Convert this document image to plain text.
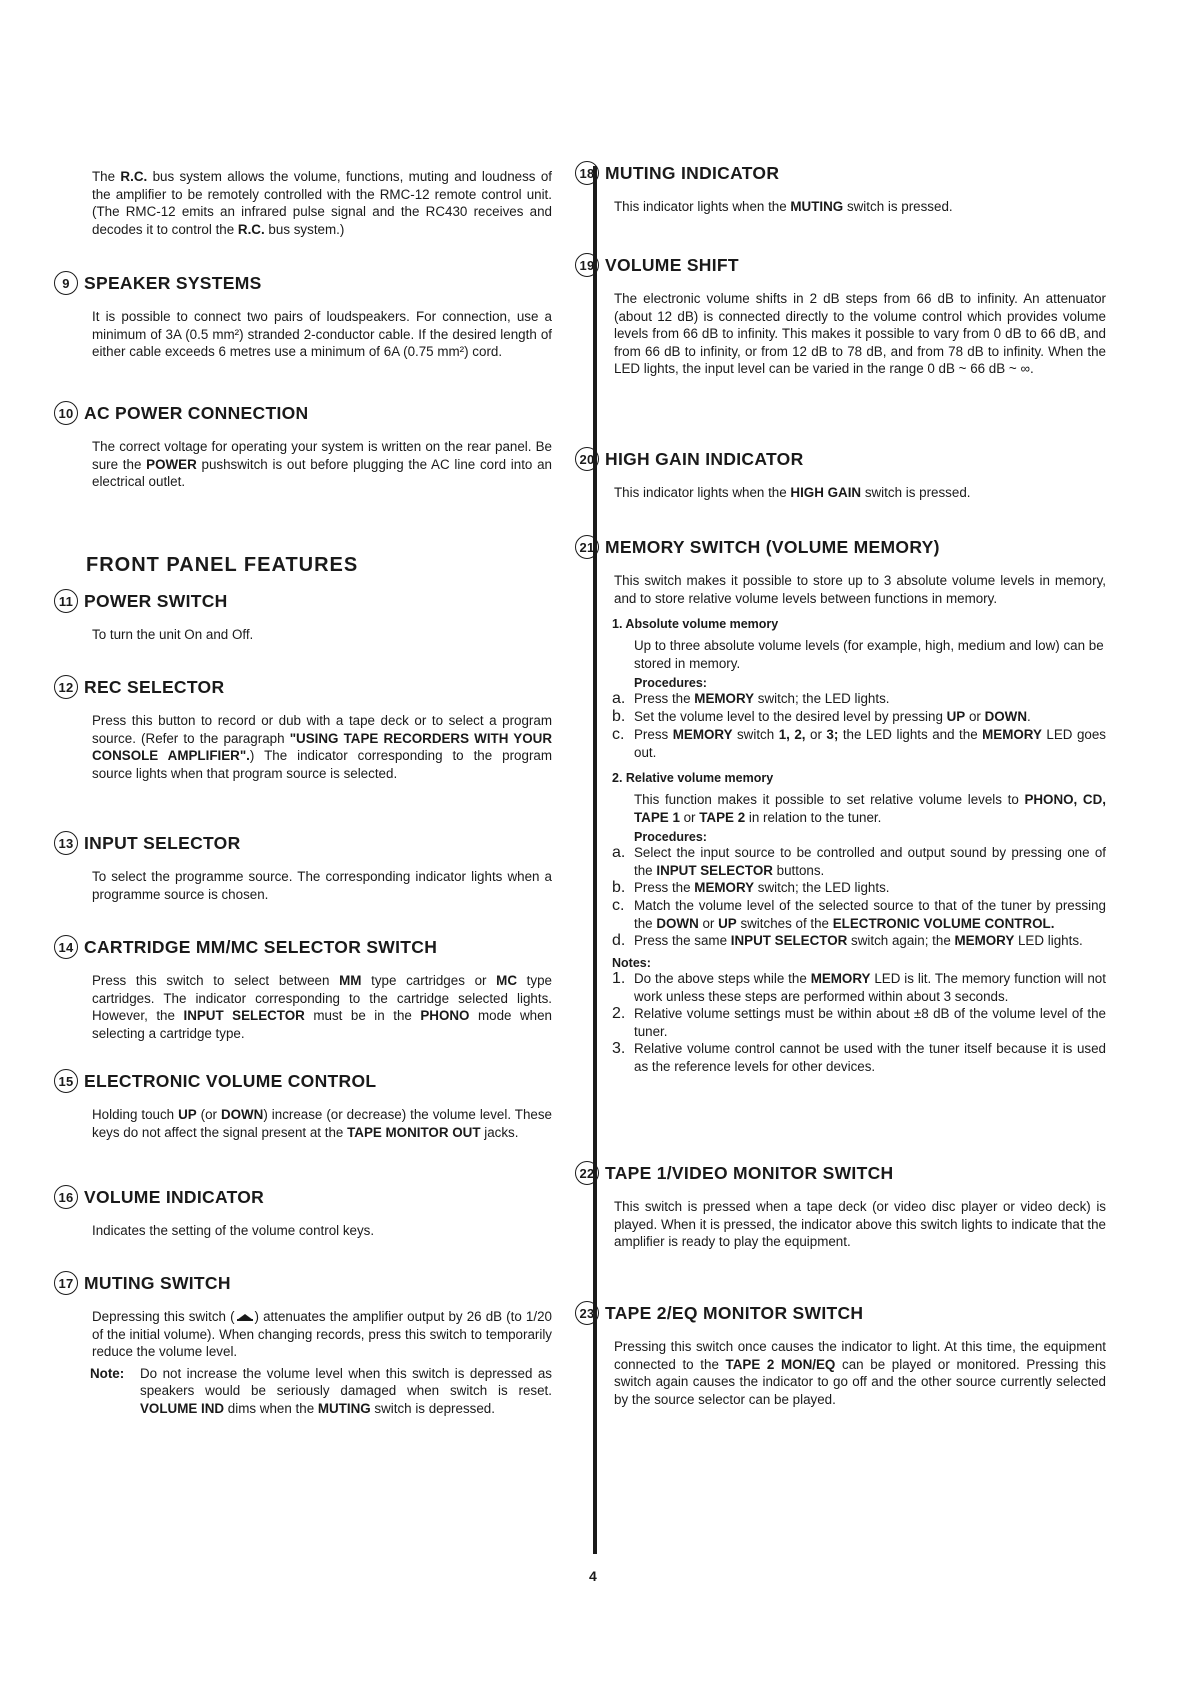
The R.C. bus system allows the volume, functions, muting and loudness of the amplifier to be remotely controlled with the RMC-12 remote control unit. (The RMC-12 emits an infrared pulse signal and the RC430 receives and decodes it to control the R.C. bus system.)

9 SPEAKER SYSTEMS

It is possible to connect two pairs of loudspeakers. For connection, use a minimum of 3A (0.5 mm²) stranded 2-conductor cable. If the desired length of either cable exceeds 6 metres use a minimum of 6A (0.75 mm²) cord.

10 AC POWER CONNECTION

The correct voltage for operating your system is written on the rear panel. Be sure the POWER pushswitch is out before plugging the AC line cord into an electrical outlet.

FRONT PANEL FEATURES
11 POWER SWITCH

To turn the unit On and Off.

12 REC SELECTOR

Press this button to record or dub with a tape deck or to select a program source. (Refer to the paragraph "USING TAPE RECORDERS WITH YOUR CONSOLE AMPLIFIER".) The indicator corresponding to the program source lights when that program source is selected.

13 INPUT SELECTOR

To select the programme source. The corresponding indicator lights when a programme source is chosen.

14 CARTRIDGE MM/MC SELECTOR SWITCH

Press this switch to select between MM type cartridges or MC type cartridges. The indicator corresponding to the cartridge selected lights. However, the INPUT SELECTOR must be in the PHONO mode when selecting a cartridge type.

15 ELECTRONIC VOLUME CONTROL

Holding touch UP (or DOWN) increase (or decrease) the volume level. These keys do not affect the signal present at the TAPE MONITOR OUT jacks.

16 VOLUME INDICATOR

Indicates the setting of the volume control keys.

17 MUTING SWITCH

Depressing this switch ( ) attenuates the amplifier output by 26 dB (to 1/20 of the initial volume). When changing records, press this switch to temporarily reduce the volume level.

Note:	Do not increase the volume level when this switch is depressed as speakers would be seriously damaged when switch is reset. VOLUME IND dims when the MUTING switch is depressed.

18 MUTING INDICATOR

This indicator lights when the MUTING switch is pressed.

19 VOLUME SHIFT

The electronic volume shifts in 2 dB steps from 66 dB to infinity. An attenuator (about 12 dB) is connected directly to the volume control which provides volume levels from 66 dB to infinity. This makes it possible to vary from 0 dB to 66 dB, and from 66 dB to infinity, or from 12 dB to 78 dB, and from 78 dB to infinity. When the LED lights, the input level can be varied in the range 0 dB ~ 66 dB ~ ∞.

20 HIGH GAIN INDICATOR

This indicator lights when the HIGH GAIN switch is pressed.

21 MEMORY SWITCH (VOLUME MEMORY)

This switch makes it possible to store up to 3 absolute volume levels in memory, and to store relative volume levels between functions in memory.

1. Absolute volume memory

Up to three absolute volume levels (for example, high, medium and low) can be stored in memory.

Procedures:
a. Press the MEMORY switch; the LED lights.

b. Set the volume level to the desired level by pressing UP or DOWN.

c. Press MEMORY switch 1, 2, or 3; the LED lights and the MEMORY LED goes out.

2. Relative volume memory

This function makes it possible to set relative volume levels to PHONO, CD, TAPE 1 or TAPE 2 in relation to the tuner.

Procedures:
a. Select the input source to be controlled and output sound by pressing one of the INPUT SELECTOR buttons.

b. Press the MEMORY switch; the LED lights.

c. Match the volume level of the selected source to that of the tuner by pressing the DOWN or UP switches of the ELECTRONIC VOLUME CONTROL.

d. Press the same INPUT SELECTOR switch again; the MEMORY LED lights.

Notes:
1. Do the above steps while the MEMORY LED is lit. The memory function will not work unless these steps are performed within about 3 seconds.

2. Relative volume settings must be within about ±8 dB of the volume level of the tuner.

3. Relative volume control cannot be used with the tuner itself because it is used as the reference levels for other devices.

22 TAPE 1/VIDEO MONITOR SWITCH

This switch is pressed when a tape deck (or video disc player or video deck) is played. When it is pressed, the indicator above this switch lights to indicate that the amplifier is ready to play the equipment.

23 TAPE 2/EQ MONITOR SWITCH

Pressing this switch once causes the indicator to light. At this time, the equipment connected to the TAPE 2 MON/EQ can be played or monitored. Pressing this switch again causes the indicator to go off and the other source currently selected by the source selector can be played.

4
